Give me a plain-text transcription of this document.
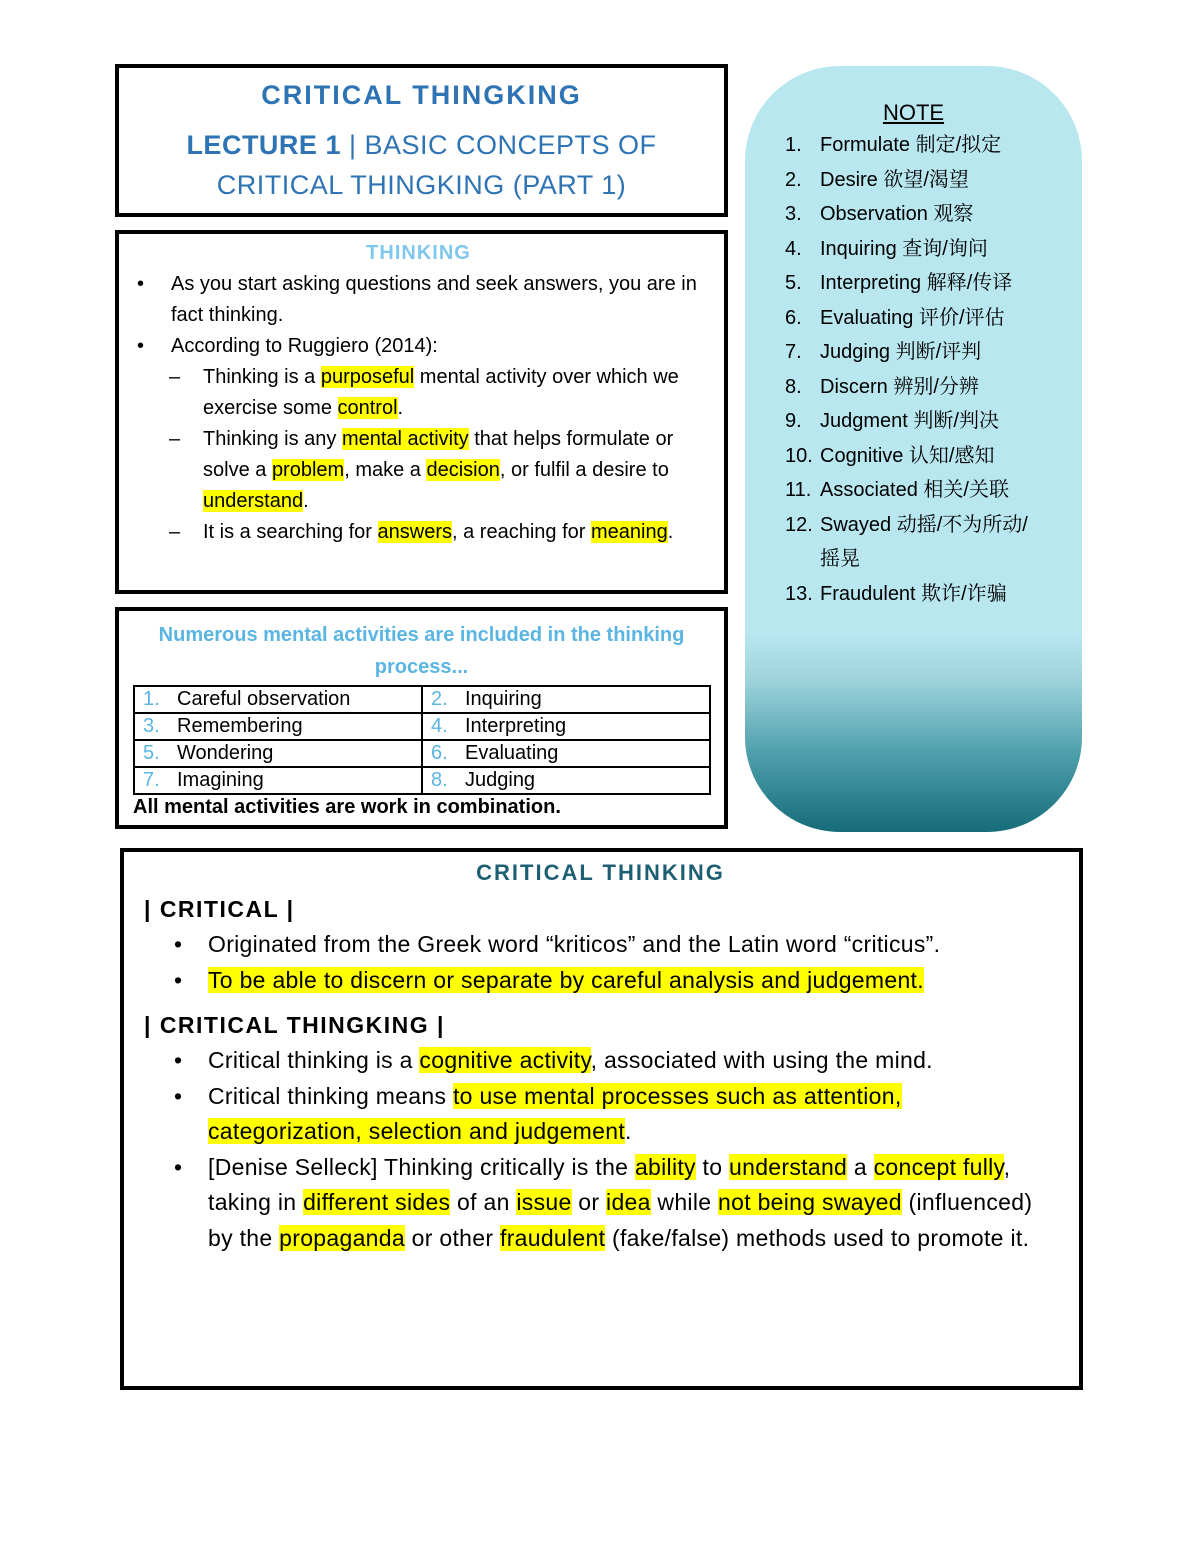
CRITICAL THINGKING
LECTURE 1 | BASIC CONCEPTS OF
CRITICAL THINGKING (PART 1)
THINKING
• As you start asking questions and seek answers, you are in fact thinking.
• According to Ruggiero (2014):
– Thinking is a purposeful mental activity over which we exercise some control.
– Thinking is any mental activity that helps formulate or solve a problem, make a decision, or fulfil a desire to understand.
– It is a searching for answers, a reaching for meaning.
Numerous mental activities are included in the thinking process...
1. Careful observation	2. Inquiring
3. Remembering	4. Interpreting
5. Wondering	6. Evaluating
7. Imagining	8. Judging
All mental activities are work in combination.
NOTE
1. Formulate 制定/拟定
2. Desire 欲望/渴望
3. Observation 观察
4. Inquiring 查询/询问
5. Interpreting 解释/传译
6. Evaluating 评价/评估
7. Judging 判断/评判
8. Discern 辨别/分辨
9. Judgment 判断/判决
10. Cognitive 认知/感知
11. Associated 相关/关联
12. Swayed 动摇/不为所动/摇晃
13. Fraudulent 欺诈/诈骗
CRITICAL THINKING
| CRITICAL |
• Originated from the Greek word “kriticos” and the Latin word “criticus”.
• To be able to discern or separate by careful analysis and judgement.
| CRITICAL THINGKING |
• Critical thinking is a cognitive activity, associated with using the mind.
• Critical thinking means to use mental processes such as attention, categorization, selection and judgement.
• [Denise Selleck] Thinking critically is the ability to understand a concept fully, taking in different sides of an issue or idea while not being swayed (influenced) by the propaganda or other fraudulent (fake/false) methods used to promote it.
